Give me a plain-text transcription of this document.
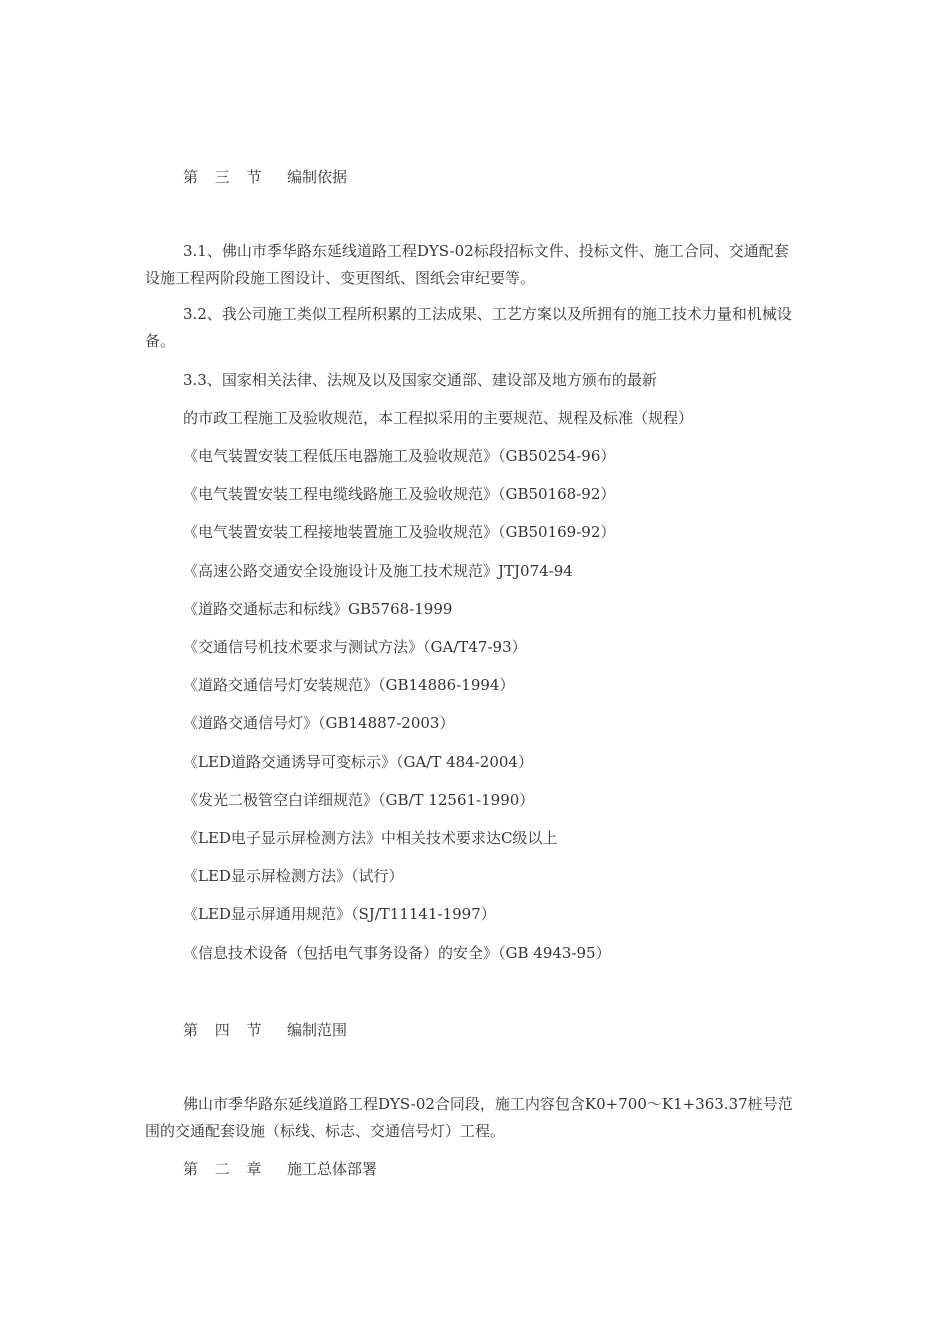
第 三 节 编制依据
3.1、佛山市季华路东延线道路工程DYS-02标段招标文件、投标文件、施工合同、交通配套设施工程两阶段施工图设计、变更图纸、图纸会审纪要等。
3.2、我公司施工类似工程所积累的工法成果、工艺方案以及所拥有的施工技术力量和机械设备。
3.3、国家相关法律、法规及以及国家交通部、建设部及地方颁布的最新
的市政工程施工及验收规范，本工程拟采用的主要规范、规程及标准（规程）
《电气装置安装工程低压电器施工及验收规范》（GB50254-96）
《电气装置安装工程电缆线路施工及验收规范》（GB50168-92）
《电气装置安装工程接地装置施工及验收规范》（GB50169-92）
《高速公路交通安全设施设计及施工技术规范》JTJ074-94
《道路交通标志和标线》GB5768-1999
《交通信号机技术要求与测试方法》（GA/T47-93）
《道路交通信号灯安装规范》（GB14886-1994）
《道路交通信号灯》（GB14887-2003）
《LED道路交通诱导可变标示》（GA/T 484-2004）
《发光二极管空白详细规范》（GB/T 12561-1990）
《LED电子显示屏检测方法》中相关技术要求达C级以上
《LED显示屏检测方法》（试行）
《LED显示屏通用规范》（SJ/T11141-1997）
《信息技术设备（包括电气事务设备）的安全》（GB 4943-95）
第 四 节 编制范围
佛山市季华路东延线道路工程DYS-02合同段，施工内容包含K0+700～K1+363.37桩号范围的交通配套设施（标线、标志、交通信号灯）工程。
第 二 章 施工总体部署
